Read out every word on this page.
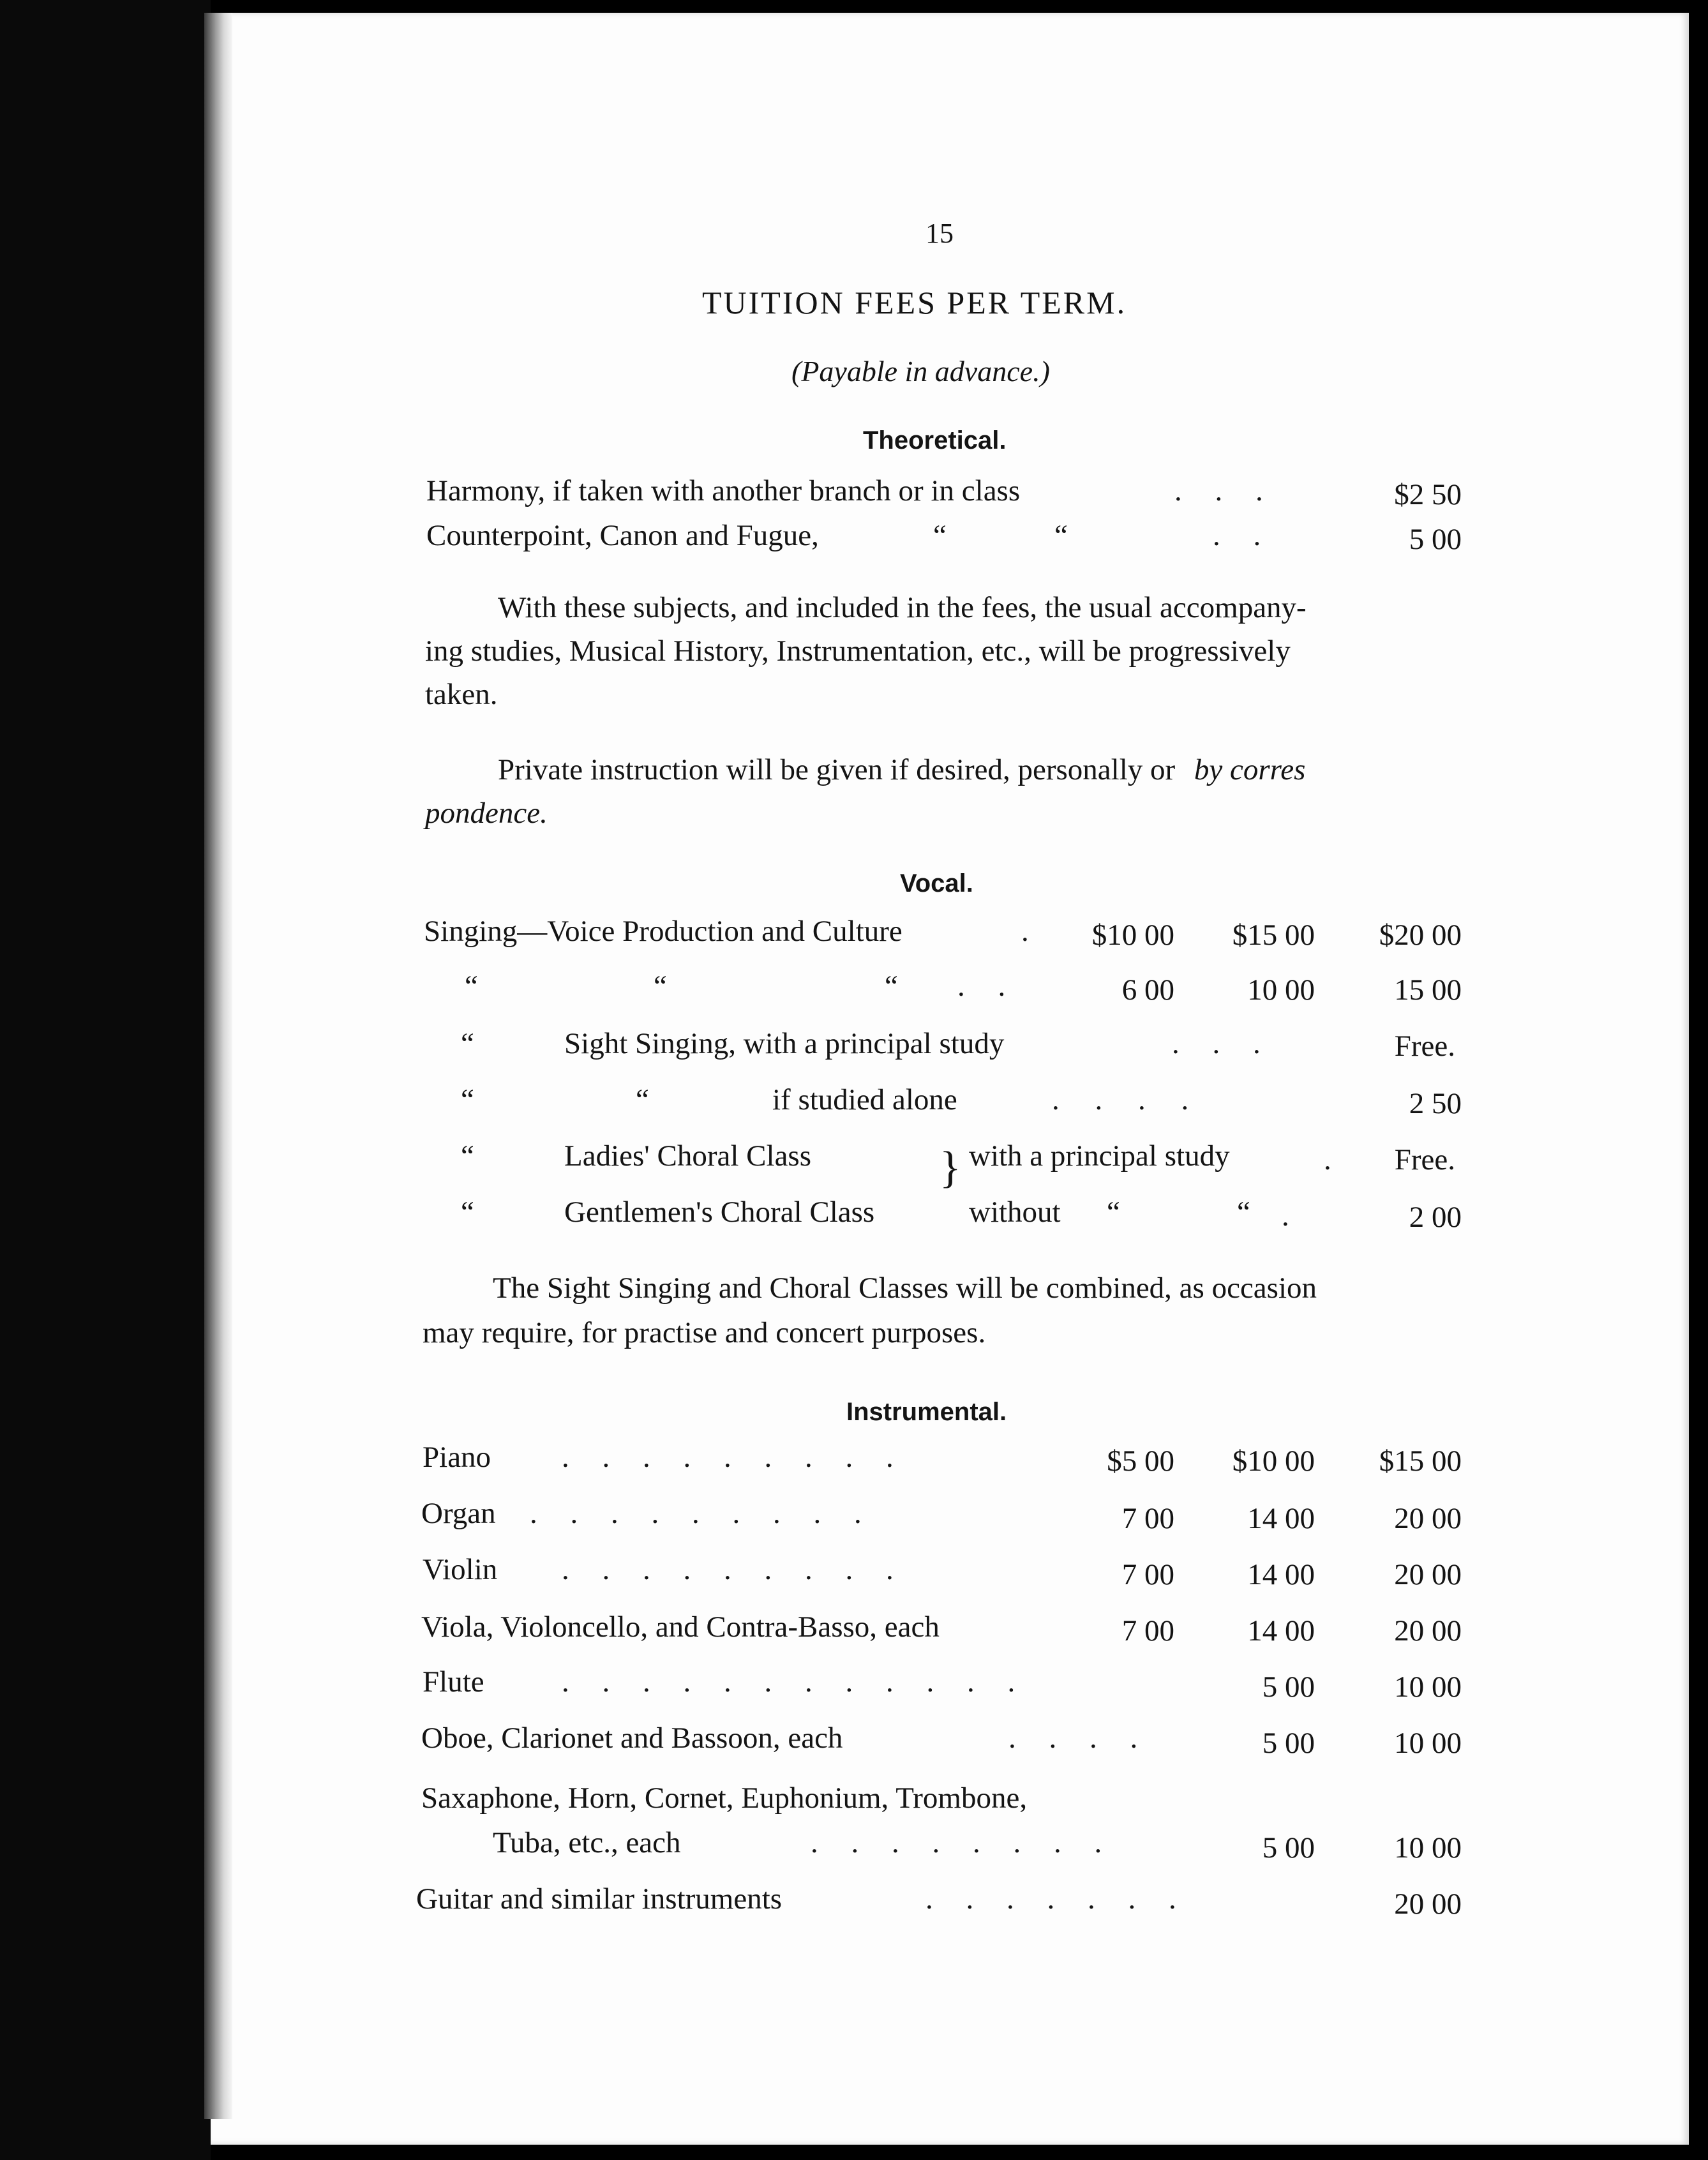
15
TUITION FEES PER TERM.
(Payable in advance.)
Theoretical.
Harmony, if taken with another branch or in class	. . .	$2 50
Counterpoint, Canon and Fugue,	“	“	. .	5 00
With these subjects, and included in the fees, the usual accompany-
ing studies, Musical History, Instrumentation, etc., will be progressively
taken.
Private instruction will be given if desired, personally or by corres
pondence.
Vocal.
Singing—Voice Production and Culture	.	$10 00	$15 00	$20 00
“	“	“ . .	6 00	10 00	15 00
“	Sight Singing, with a principal study	. . .	Free.
“	“	if studied alone	. . . .	2 50
“	Ladies' Choral Class	} with a principal study	.	Free.
“	Gentlemen's Choral Class	without “	“ .	2 00
The Sight Singing and Choral Classes will be combined, as occasion
may require, for practise and concert purposes.
Instrumental.
Piano . . . . . . . . .	$5 00	$10 00	$15 00
Organ . . . . . . . . .	7 00	14 00	20 00
Violin . . . . . . . . .	7 00	14 00	20 00
Viola, Violoncello, and Contra-Basso, each	7 00	14 00	20 00
Flute	. . . . . . . . . . . .	5 00	10 00
Oboe, Clarionet and Bassoon, each	. . . .	5 00	10 00
Saxaphone, Horn, Cornet, Euphonium, Trombone,
Tuba, etc., each	. . . . . . . .	5 00	10 00
Guitar and similar instruments	. . . . . . .	20 00
